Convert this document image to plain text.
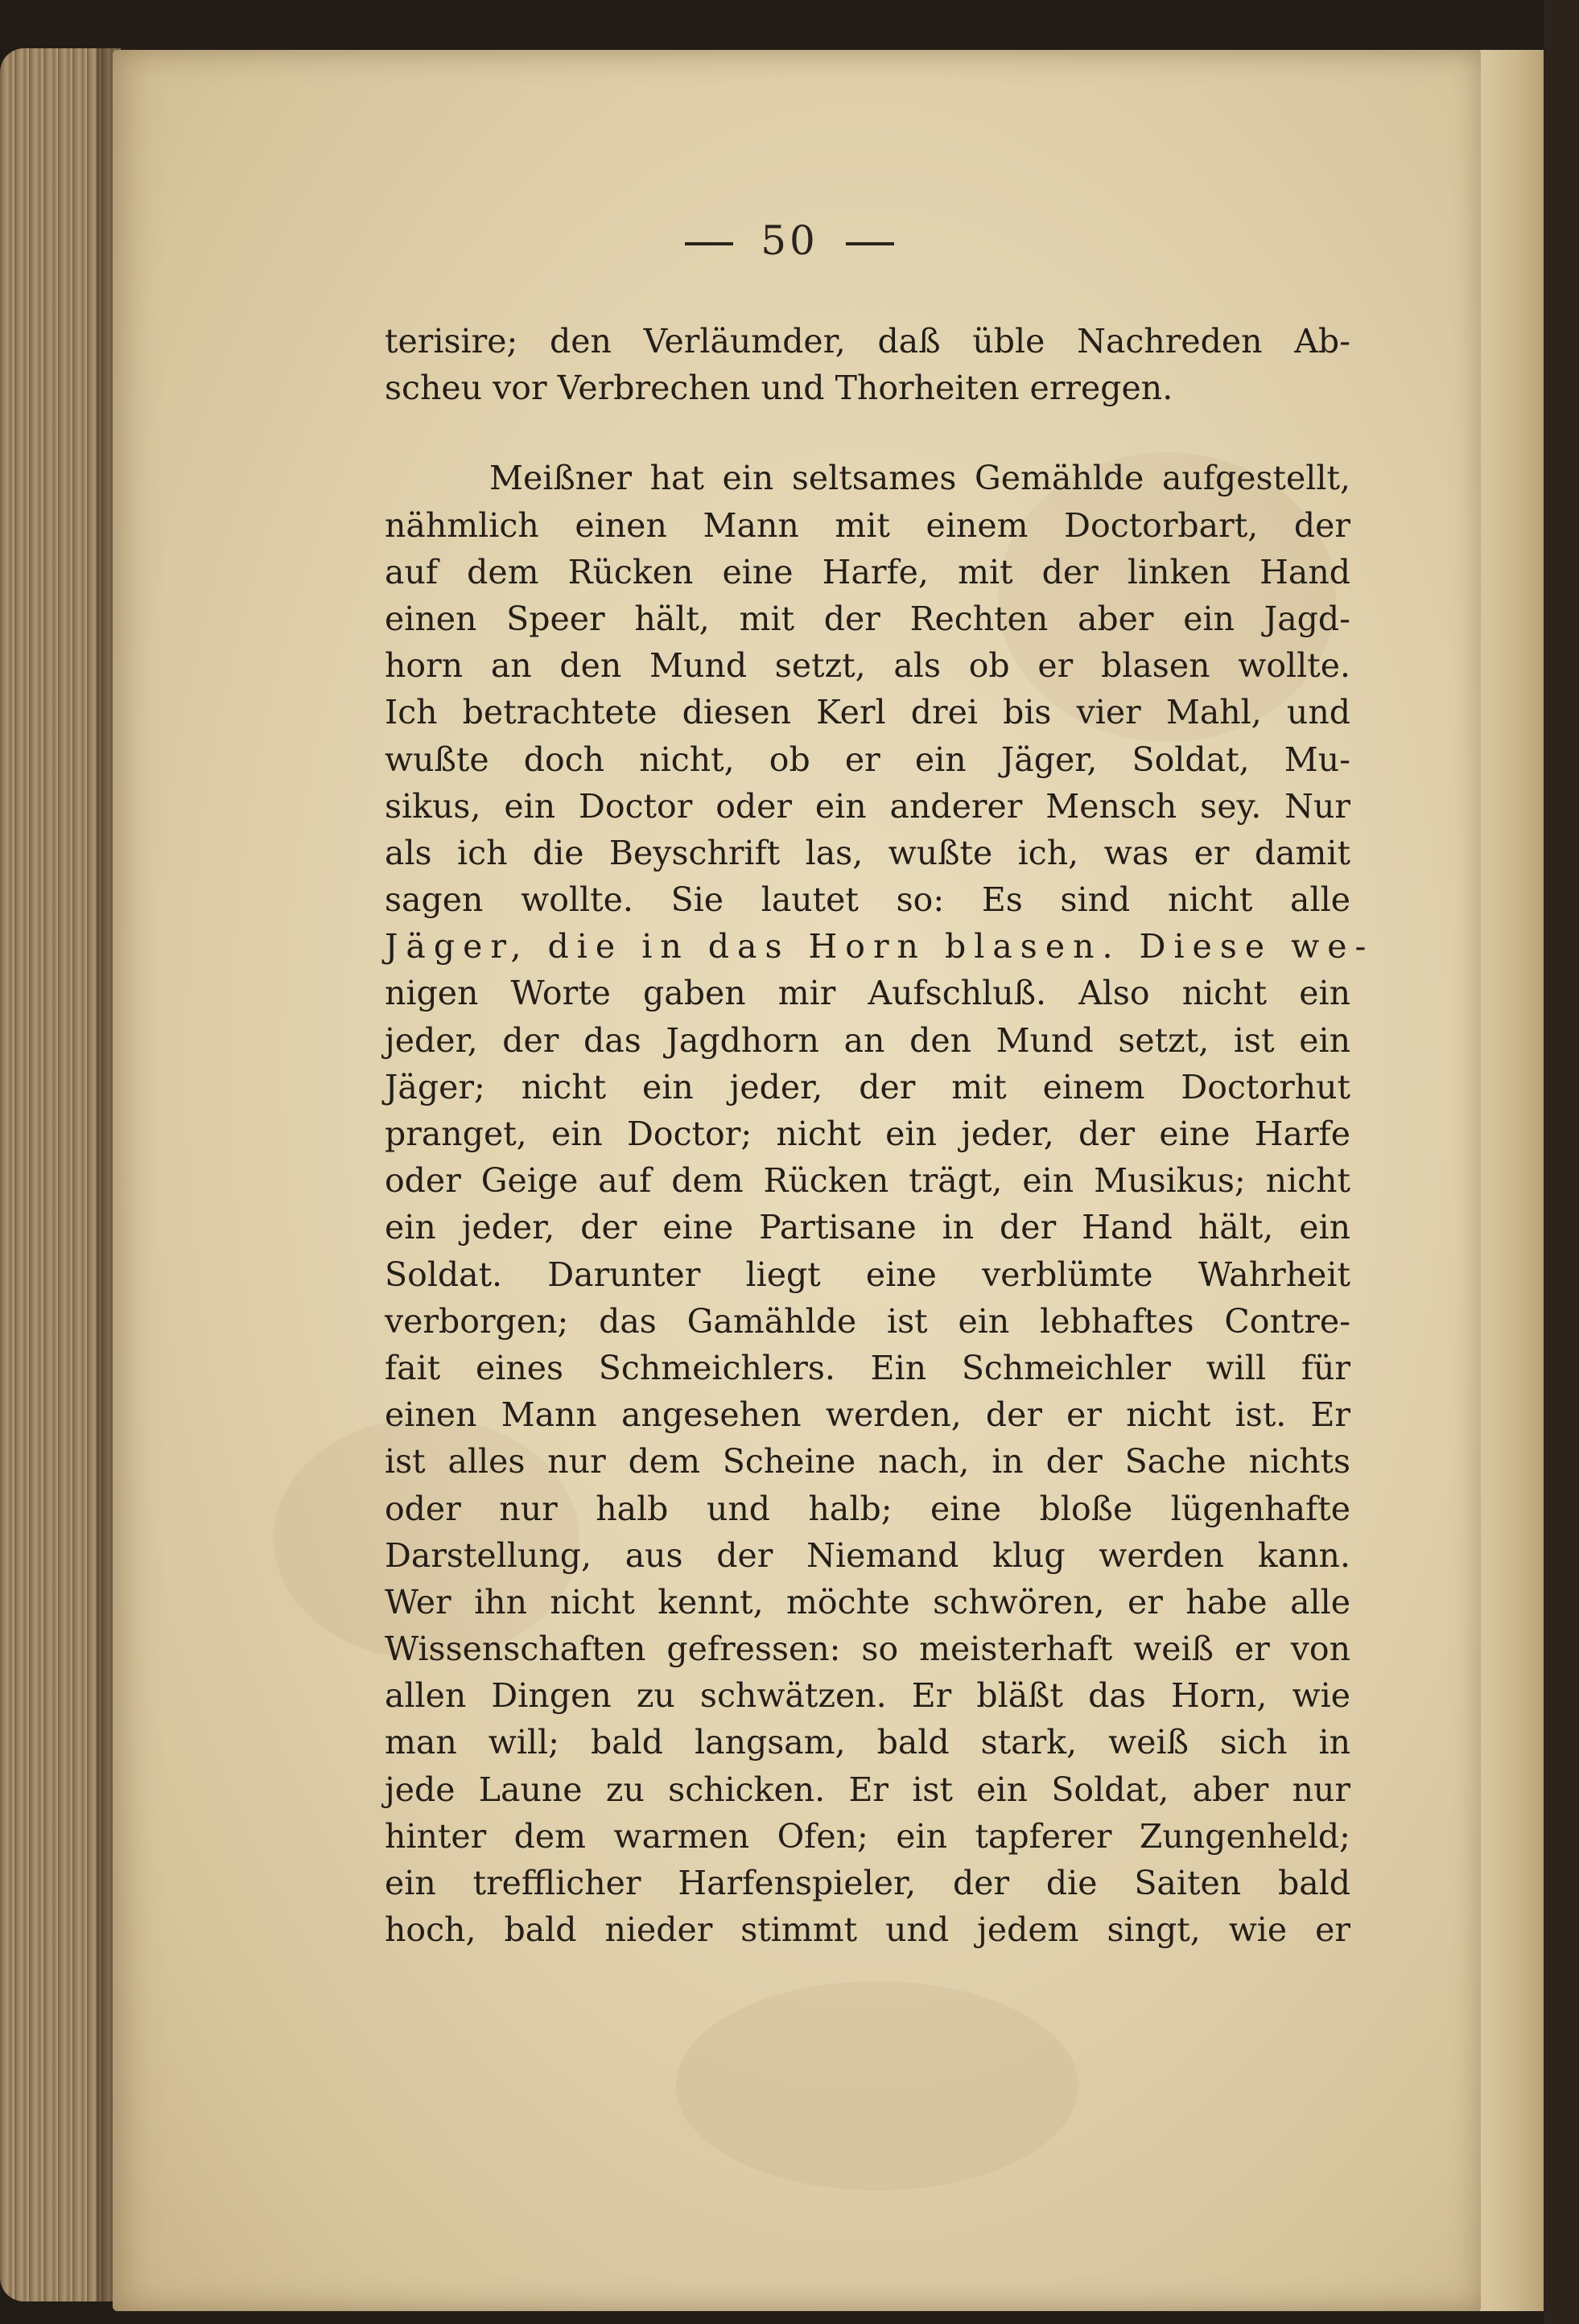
50
terisire; den Verläumder, daß üble Nachreden Ab-
scheu vor Verbrechen und Thorheiten erregen.
Meißner hat ein seltsames Gemählde aufgestellt,
nähmlich einen Mann mit einem Doctorbart, der
auf dem Rücken eine Harfe, mit der linken Hand
einen Speer hält, mit der Rechten aber ein Jagd-
horn an den Mund setzt, als ob er blasen wollte.
Ich betrachtete diesen Kerl drei bis vier Mahl, und
wußte doch nicht, ob er ein Jäger, Soldat, Mu-
sikus, ein Doctor oder ein anderer Mensch sey. Nur
als ich die Beyschrift las, wußte ich, was er damit
sagen wollte. Sie lautet so: Es sind nicht alle
Jäger, die in das Horn blasen. Diese we-
nigen Worte gaben mir Aufschluß. Also nicht ein
jeder, der das Jagdhorn an den Mund setzt, ist ein
Jäger; nicht ein jeder, der mit einem Doctorhut
pranget, ein Doctor; nicht ein jeder, der eine Harfe
oder Geige auf dem Rücken trägt, ein Musikus; nicht
ein jeder, der eine Partisane in der Hand hält, ein
Soldat. Darunter liegt eine verblümte Wahrheit
verborgen; das Gamählde ist ein lebhaftes Contre-
fait eines Schmeichlers. Ein Schmeichler will für
einen Mann angesehen werden, der er nicht ist. Er
ist alles nur dem Scheine nach, in der Sache nichts
oder nur halb und halb; eine bloße lügenhafte
Darstellung, aus der Niemand klug werden kann.
Wer ihn nicht kennt, möchte schwören, er habe alle
Wissenschaften gefressen: so meisterhaft weiß er von
allen Dingen zu schwätzen. Er bläßt das Horn, wie
man will; bald langsam, bald stark, weiß sich in
jede Laune zu schicken. Er ist ein Soldat, aber nur
hinter dem warmen Ofen; ein tapferer Zungenheld;
ein trefflicher Harfenspieler, der die Saiten bald
hoch, bald nieder stimmt und jedem singt, wie er
